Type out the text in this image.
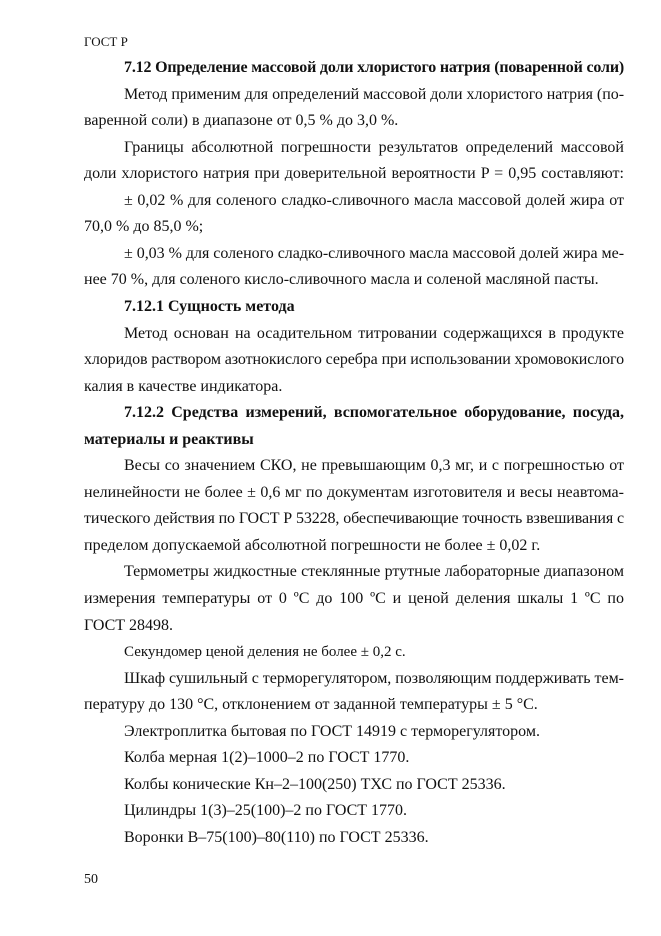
ГОСТ Р
7.12 Определение массовой доли хлористого натрия (поваренной соли)
Метод применим для определений массовой доли хлористого натрия (по-
варенной соли) в диапазоне от 0,5 % до 3,0 %.
Границы абсолютной погрешности результатов определений массовой
доли хлористого натрия при доверительной вероятности P = 0,95 составляют:
± 0,02 % для соленого сладко-сливочного масла массовой долей жира от
70,0 % до 85,0 %;
± 0,03 % для соленого сладко-сливочного масла массовой долей жира ме-
нее 70 %, для соленого кисло-сливочного масла и соленой масляной пасты.
7.12.1 Сущность метода
Метод основан на осадительном титровании содержащихся в продукте
хлоридов раствором азотнокислого серебра при использовании хромовокислого
калия в качестве индикатора.
7.12.2 Средства измерений, вспомогательное оборудование, посуда,
материалы и реактивы
Весы со значением СКО, не превышающим 0,3 мг, и с погрешностью от
нелинейности не более ± 0,6 мг по документам изготовителя и весы неавтома-
тического действия по ГОСТ Р 53228, обеспечивающие точность взвешивания с
пределом допускаемой абсолютной погрешности не более ± 0,02 г.
Термометры жидкостные стеклянные ртутные лабораторные диапазоном
измерения температуры от 0 ºС до 100 ºС и ценой деления шкалы 1 ºС по
ГОСТ 28498.
Секундомер ценой деления не более ± 0,2 с.
Шкаф сушильный с терморегулятором, позволяющим поддерживать тем-
пературу до 130 °С, отклонением от заданной температуры ± 5 °С.
Электроплитка бытовая по ГОСТ 14919 с терморегулятором.
Колба мерная 1(2)–1000–2 по ГОСТ 1770.
Колбы конические Кн–2–100(250) ТХС по ГОСТ 25336.
Цилиндры 1(3)–25(100)–2 по ГОСТ 1770.
Воронки В–75(100)–80(110) по ГОСТ 25336.
50
